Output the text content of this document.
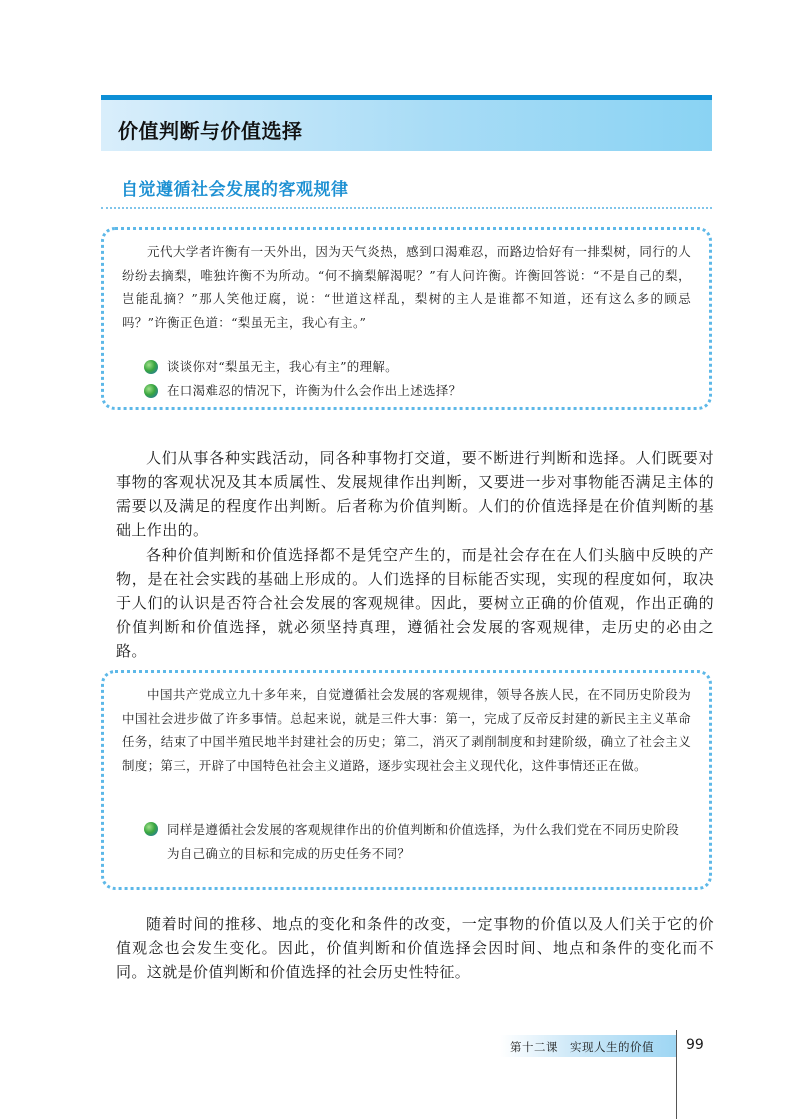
价值判断与价值选择
自觉遵循社会发展的客观规律

元代大学者许衡有一天外出，因为天气炎热，感到口渴难忍，而路边恰好有一排梨树，同行的人纷纷去摘梨，唯独许衡不为所动。“何不摘梨解渴呢？”有人问许衡。许衡回答说：“不是自己的梨，岂能乱摘？”那人笑他迂腐，说：“世道这样乱，梨树的主人是谁都不知道，还有这么多的顾忌吗？”许衡正色道：“梨虽无主，我心有主。”

谈谈你对“梨虽无主，我心有主”的理解。
在口渴难忍的情况下，许衡为什么会作出上述选择？

人们从事各种实践活动，同各种事物打交道，要不断进行判断和选择。人们既要对事物的客观状况及其本质属性、发展规律作出判断，又要进一步对事物能否满足主体的需要以及满足的程度作出判断。后者称为价值判断。人们的价值选择是在价值判断的基础上作出的。

各种价值判断和价值选择都不是凭空产生的，而是社会存在在人们头脑中反映的产物，是在社会实践的基础上形成的。人们选择的目标能否实现，实现的程度如何，取决于人们的认识是否符合社会发展的客观规律。因此，要树立正确的价值观，作出正确的价值判断和价值选择，就必须坚持真理，遵循社会发展的客观规律，走历史的必由之路。

中国共产党成立九十多年来，自觉遵循社会发展的客观规律，领导各族人民，在不同历史阶段为中国社会进步做了许多事情。总起来说，就是三件大事：第一，完成了反帝反封建的新民主主义革命任务，结束了中国半殖民地半封建社会的历史；第二，消灭了剥削制度和封建阶级，确立了社会主义制度；第三，开辟了中国特色社会主义道路，逐步实现社会主义现代化，这件事情还正在做。

同样是遵循社会发展的客观规律作出的价值判断和价值选择，为什么我们党在不同历史阶段为自己确立的目标和完成的历史任务不同？

随着时间的推移、地点的变化和条件的改变，一定事物的价值以及人们关于它的价值观念也会发生变化。因此，价值判断和价值选择会因时间、地点和条件的变化而不同。这就是价值判断和价值选择的社会历史性特征。

第十二课　实现人生的价值 99
